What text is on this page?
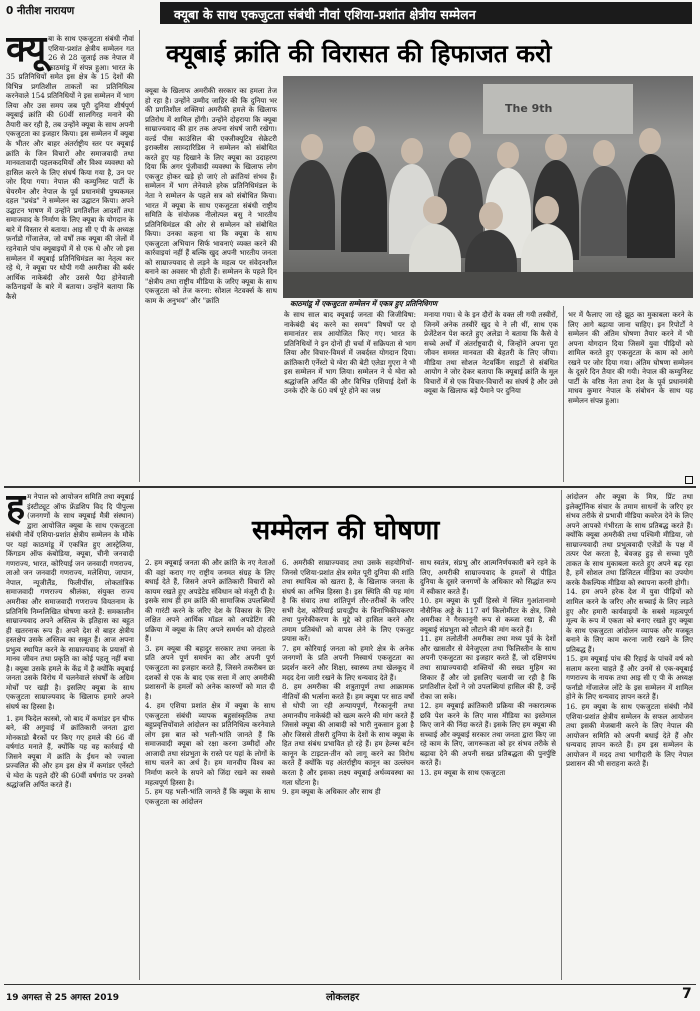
0 नीतीश नारायण	क्यूबा के साथ एकजुटता संबंधी नौवां एशिया-प्रशांत क्षेत्रीय सम्मेलन
क्यूबाई क्रांति की विरासत की हिफाजत करो
क्यू बा के साथ एकजुटता संबंधी नौवां एशिया-प्रशांत क्षेत्रीय सम्मेलन गत 26 से 28 जुलाई तक नेपाल में काठमांडू में संपन्न हुआ। भारत के 35 प्रतिनिधियों समेत इस क्षेत्र के 15 देशों की विभिन्न प्रगतिशील ताकतों का प्रतिनिधित्व करनेवाले 154 प्रतिनिधियों ने इस सम्मेलन में भाग लिया और उस समय जब पूरी दुनिया शीर्षपूर्ण क्यूबाई क्रांति की 60वीं सालगिरह मनाने की तैयारी कर रही है, तब उन्होंने क्यूबा के साथ अपनी एकजुटता का इजहार किया। इस सम्मेलन में क्यूबा के भीतर और बाहर अंतर्राष्ट्रीय स्तर पर क्यूबाई क्रांति के जिन विचारों और समाजवादी तथा मानवतावादी पहलकदमियों और विश्व व्यवस्था को हासिल करने के लिए संघर्ष किया गया है, उन पर जोर दिया गया। नेपाल की कम्युनिस्ट पार्टी के चेयरमैन और नेपाल के पूर्व प्रधानमंत्री पुष्पकमल दहल "प्रचंड" ने सम्मेलन का उद्घाटन किया। अपने उद्घाटन भाषण में उन्होंने प्रगतिशील आदर्शों तथा समाजवाद के निर्माण के लिए क्यूबा के योगदान के बारे में विस्तार से बताया। आइ सी ए पी के अध्यक्ष फ़र्नांडो गोंजालेज, जो वर्षों तक क्यूबा की जेलों में रहनेवाले पांच क्यूबाइयों में से एक थे और जो इस सम्मेलन में क्यूबाई प्रतिनिधिमंडल का नेतृत्व कर रहे थे, ने क्यूबा पर थोपी गयी अमरीका की बर्बर आर्थिक नाकेबंदी और उससे पैदा होनेवाली कठिनाइयों के बारे में बताया। उन्होंने बताया कि कैसे
क्यूबा के खिलाफ अमरीकी सरकार का हमला तेज हो रहा है। उन्होंने उम्मीद जाहिर की कि दुनिया भर की प्रगतिशील शक्तियां अमरीकी हमले के खिलाफ प्रतिरोध में शामिल होंगी। उन्होंने दोहराया कि क्यूबा साम्राज्यवाद की हार तक अपना संघर्ष जारी रखेगा। वर्ल्ड पीस काउंसिल की एक्जीक्यूटिव सेक्रेटरी इराक्लीस त्साव्दारिडिस ने सम्मेलन को संबोधित करते हुए यह दिखाने के लिए क्यूबा का उदाहरण दिया कि अगर पूंजीवादी व्यवस्था के खिलाफ लोग एकजुट होकर खड़े हो जाएं तो क्रांतियां संभव हैं। सम्मेलन में भाग लेनेवाले हरेक प्रतिनिधिमंडल के नेता ने सम्मेलन के पहले सत्र को संबोधित किया। भारत में क्यूबा के साथ एकजुटता संबंधी राष्ट्रीय समिति के संयोजक नीलोत्पल बसु ने भारतीय प्रतिनिधिमंडल की ओर से सम्मेलन को संबोधित किया। उनका कहना था कि क्यूबा के साथ एकजुटता अभियान सिर्फ भावनाएं व्यक्त करने की कार्रवाइयां नहीं हैं बल्कि खुद अपनी भारतीय जनता को साम्राज्यवाद से लड़ने के महत्व पर संवेदनशील बनाने का अवसर भी होती हैं। सम्मेलन के पहले दिन "क्षेत्रीय तथा राष्ट्रीय मीडिया के जरिए क्यूबा के साथ एकजुटता को तेज करना: सोशल नेटवर्क्स के साथ काम के अनुभव" और "क्रांति
The 9th
काठमांडू में एकजुटता सम्मेलन में एकत्र हुए प्रतिनिधिगण
के साथ साल बाद क्यूबाई जनता की जिजीविषा: नाकेबंदी बंद करने का समय" विषयों पर दो समानांतर सत्र आयोजित किए गए। भारत के प्रतिनिधियों ने इन दोनों ही चर्चा में सक्रियता से भाग लिया और विचार-विमर्श में जबर्दस्त योगदान दिया। क्रांतिकारी एर्नेस्टो चे ग्वेरा की बेटी एलेडा गुएरा ने भी इस सम्मेलन में भाग लिया। सम्मेलन ने चे ग्वेरा को श्रद्धांजलि अर्पित की और विभिन्न एशियाई देशों के उनके दौरे के 60 वर्ष पूरे होने का जश्न
मनाया गया। चे के इन दौरों के वक्त ली गयी तस्वीरों, जिनमें अनेक तस्वीरें खुद चे ने ली थीं, साथ एक प्रेजेंटेशन पेश करते हुए अलेडा ने बताया कि कैसे वे सच्चे अर्थों में अंतर्राष्ट्रवादी थे, जिन्होंने अपना पूरा जीवन समस्त मानवता की बेहतरी के लिए जीया। मीडिया तथा सोशल नेटवर्किंग साइटों से संबंधित आयोग ने जोर देकर बताया कि क्यूबाई क्रांति के मूल विचारों में से एक विचार-विचारों का संघर्ष है और उसे क्यूबा के खिलाफ बड़े पैमाने पर दुनिया
भर में फैलाए जा रहे झूठ का मुकाबला करने के लिए आगे बढ़ाया जाना चाहिए। इन रिपोर्टों ने सम्मेलन की अंतिम घोषणा तैयार करने में भी अपना योगदान दिया जिसमें युवा पीढ़ियों को शामिल करते हुए एकजुटता के काम को आगे रखने पर जोर दिया गया। अंतिम घोषणा सम्मेलन के दूसरे दिन तैयार की गयी। नेपाल की कम्युनिस्ट पार्टी के वरिष्ठ नेता तथा देश के पूर्व प्रधानमंत्री माधव कुमार नेपाल के संबोधन के साथ यह सम्मेलन संपन्न हुआ।
सम्मेलन की घोषणा
ह म नेपाल को आयोजन समिति तथा क्यूबाई इंस्टीट्यूट ऑफ फ्रेंडशिप विद दि पीपुल्स (जनगणों के साथ क्यूबाई मैत्री संस्थान) द्वारा आयोजित क्यूबा के साथ एकजुटता संबंधी नौवें एशिया-प्रशांत क्षेत्रीय सम्मेलन के मौके पर यहां काठमांडू में एकत्रित हुए आस्ट्रेलिया, किंगडम ऑफ कंबोडिया, क्यूबा, चीनी जनवादी गणराज्य, भारत, कोरियाई जन जनवादी गणराज्य, लाओ जन जनवादी गणराज्य, मलेशिया, जापान, नेपाल, न्यूजीलैंड, फिलीपींस, लोकतांत्रिक समाजवादी गणराज्य श्रीलंका, संयुक्त राज्य अमरीका और समाजवादी गणराज्य वियतनाम के प्रतिनिधि निम्नलिखित घोषणा करते हैं: समकालीन साम्राज्यवाद अपने अस्तित्व के इतिहास का बहुत ही खतरनाक रूप है। अपने देश से बाहर क्षेत्रीय हस्तक्षेप उसके अस्तित्व का सबूत हैं। आज अपना प्रभुत्व स्थापित करने के साम्राज्यवाद के प्रयासों से मानव जीवन तथा प्रकृति का कोई पहलू नहीं बचा है। क्यूबा उसके हमले के केंद्र में है क्योंकि क्यूबाई जनता उसके विरोध में चलनेवाले संघर्षों के अग्रिम मोर्चों पर खड़ी है। इसलिए क्यूबा के साथ एकजुटता साम्राज्यवाद के खिलाफ हमारे अपने संघर्ष का हिस्सा है।
1. हम फिदेल कास्त्रो, जो बाद में कमांडर इन चीफ बने, की अगुवाई में क्रांतिकारी जनता द्वारा मोनकाडो बैरकों पर किए गए हमले की 66 वीं वर्षगांठ मनाते हैं, क्योंकि यह वह कार्रवाई थी जिसने क्यूबा में क्रांति के ईंधन को ज्वाला प्रज्वलित की और हम इस क्षेत्र में कमांडर एर्नेस्टो चे ग्वेरा के पहले दौरे की 60वीं वर्षगांठ पर उनको श्रद्धांजलि अर्पित करते हैं।
2. हम क्यूबाई जनता की और क्रांति के नए नेताओं की वहां कराए गए राष्ट्रीय जनमत संग्रह के लिए बधाई देते हैं, जिसने अपने क्रांतिकारी विचारों को कायम रखते हुए अपडेटेड संविधान को मंजूरी दी है। इसके साथ ही हम क्रांति की सामाजिक उपलब्धियों की गारंटी करने के जरिए देश के विकास के लिए लक्षित अपने आर्थिक मॉडल को अपडेटिंग की प्रक्रिया में क्यूबा के लिए अपने समर्थन को दोहराते हैं।
3. हम क्यूबा की बहादुर सरकार तथा जनता के प्रति अपने पूर्ण समर्थन का और अपनी पूर्ण एकजुटता का इजहार करते हैं, जिसने तकरीबन छः दशकों से एक के बाद एक सत्ता में आए अमरीकी प्रशासनों के हमलों को अनेक कारुणों को मात दी है।
4. हम एशिया प्रशांत क्षेत्र में क्यूबा के साथ एकजुटता संबंधी व्यापक बहुसांस्कृतिक तथा बहुप्रवृत्तियोंवाले आंदोलन का प्रतिनिधित्व करनेवाले लोग इस बात को भली-भांति जानते हैं कि समाजवादी क्यूबा को रक्षा करना उम्मीदों और आजादी तथा संप्रभुता के रास्ते पर यहां के लोगों के साथ चलने का अर्थ है। हम मानवीय विश्व का निर्माण करने के सपने को जिंदा रखने का सबसे महत्वपूर्ण हिस्सा है।
5. हम यह भली-भांति जानते हैं कि क्यूबा के साथ एकजुटता का आंदोलन
6. अमरीकी साम्राज्यवाद तथा उसके सहयोगियों-जिनसे एशिया-प्रशांत क्षेत्र समेत पूरी दुनिया की शांति तथा स्थायित्व को खतरा है, के खिलाफ जनता के संघर्ष का अभिन्न हिस्सा है। इस स्थिति की यह मांग है कि संवाद तथा शांतिपूर्ण तौर-तरीकों के जरिए सभी देश, कोरियाई प्रायःद्वीप के विनाभिकीयकरण तथा पुनरेकीकरण के मुद्दे को हासिल करने और तमाम प्रतिबंधों को वापस लेने के लिए एकजुट प्रयास करें।
7. हम कोरियाई जनता को हमारे क्षेत्र के अनेक जनगणों के प्रति अपनी निस्वार्थ एकजुटता का प्रदर्शन करने और शिक्षा, स्वास्थ्य तथा खेलकूद में मदद देना जारी रखने के लिए धन्यवाद देते हैं।
8. हम अमरीका की शत्रुतापूर्ण तथा आक्रामक नीतियों की भर्त्सना करते हैं। हम क्यूबा पर साठ वर्षों से थोपी जा रही अन्यायपूर्ण, गैरकानूनी तथा अमानवीय नाकेबंदी को खत्म करने की मांग करते हैं जिससे क्यूबा की आबादी को भारी नुकसान हुआ है और जिससे तीसरी दुनिया के देशों के साथ क्यूबा के हित तथा संबंध प्रभावित हो रहे हैं। हम हेल्म्स बर्टन कानून के टाइटल-तीन को लागू करने का विरोध करते हैं क्योंकि यह अंतर्राष्ट्रीय कानून का उल्लंघन करता है और इसका लक्ष्य क्यूबाई अर्थव्यवस्था का गला घोंटना है।
9. हम क्यूबा के अधिकार और साथ ही
साथ स्वतंत्र, संप्रभु और आत्मनिर्णयकारी बने रहने के लिए, अमरीकी साम्राज्यवाद के हमलों से पीड़ित दुनिया के दूसरे जनगणों के अधिकार को सिद्धांत रूप में स्वीकार करते हैं।
10. हम क्यूबा के पूर्वी हिस्से में स्थित गुआंतानामो नौसैनिक अड्डे के 117 वर्ग किलोमीटर के क्षेत्र, जिसे अमरीका ने गैरकानूनी रूप से कब्जा रखा है, की क्यूबाई संप्रभुता को लौटाने की मांग करते हैं।
11. हम तलोतीनी अमरीका तथा मध्य पूर्व के देशों और खासतौर से वेनेजुएला तथा फिलिस्तीन के साथ अपनी एकजुटता का इजहार करते हैं, जो दक्षिणपंथ तथा साम्राज्यवादी शक्तियों की सख्त मुहिम का शिकार हैं और जो इसलिए चलायी जा रही है कि प्रगतिशील देशों ने जो उपलब्धियां हासिल की हैं, उन्हें रोका जा सके।
12. हम क्यूबाई क्रांतिकारी प्रक्रिया की नकारात्मक छवि पेश करने के लिए मास मीडिया का इस्तेमाल किए जाने की निंदा करते हैं। इसके लिए हम क्यूबा की सच्चाई और क्यूबाई सरकार तथा जनता द्वारा किए जा रहे काम के लिए, जागरूकता को हर संभव तरीके से बढ़ावा देने की अपनी सख्त प्रतिबद्धता की पुनर्पुष्टि करते हैं।
13. हम क्यूबा के साथ एकजुटता
आंदोलन और क्यूबा के मित्र, प्रिंट तथा इलेक्ट्रॉनिक संचार के तमाम साधनों के जरिए हर संभव तरीके से प्रभावी मीडिया कवरेज देने के लिए अपने आपको गंभीरता के साथ प्रतिबद्ध करते हैं। क्योंकि क्यूबा अमरीकी तथा पश्चिमी मीडिया, जो साम्राज्यवादी तथा प्रभुत्ववादी एजेंडों के पक्ष में तत्पर पेश करता है, बेवजह हुड़ से सच्चा पूरी ताकत के साथ मुकाबला करते हुए अपने बढ़ रहा है, हमें सोशल तथा डिजिटल मीडिया का उपयोग करके वैकल्पिक मीडिया को स्थापना करनी होगी।
14. हम अपने हरेक देश में युवा पीढ़ियों को शामिल करने के जरिए और सच्चाई के लिए लड़ते हुए और हमारी कार्यवाइयों के सबसे महत्वपूर्ण मूल्य के रूप में एकता को बनाए रखते हुए क्यूबा के साथ एकजुटता आंदोलन व्यापक और मजबूत बनाने के लिए काम करना जारी रखने के लिए प्रतिबद्ध हैं।
15. हम क्यूबाई पांच की रिहाई के पांचवें वर्ष को सलाम करना चाहते हैं और उनमें से एक-क्यूबाई गणराज्य के नायक तथा आइ सी ए पी के अध्यक्ष फर्नांडो गोंजालेज लोंटे के इस सम्मेलन में शामिल होने के लिए धन्यवाद ज्ञापन करते हैं।
16. हम क्यूबा के साथ एकजुटता संबंधी नौवें एशिया-प्रशांत क्षेत्रीय सम्मेलन के सफल आयोजन तथा इसकी मेजबानी करने के लिए नेपाल की आयोजन समिति को अपनी बधाई देते हैं और धन्यवाद ज्ञापन करते हैं। हम इस सम्मेलन के आयोजन में मदद तथा भागीदारी के लिए नेपाल प्रशासन की भी सराहना करते हैं।
19 अगस्त से 25 अगस्त 2019	लोकलहर	7
